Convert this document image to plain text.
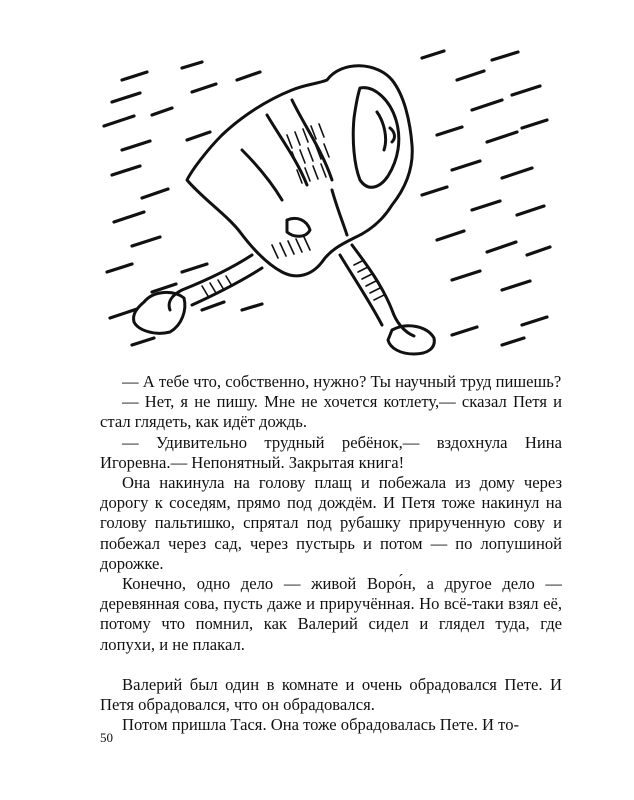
— А тебе что, собственно, нужно? Ты научный труд пишешь?

— Нет, я не пишу. Мне не хочется котлету,— сказал Петя и стал глядеть, как идёт дождь.

— Удивительно трудный ребёнок,— вздохнула Нина Игоревна.— Непонятный. Закрытая книга!

Она накинула на голову плащ и побежала из дому через дорогу к соседям, прямо под дождём. И Петя тоже накинул на голову пальтишко, спрятал под рубашку прирученную сову и побежал через сад, через пустырь и потом — по лопушиной дорожке.

Конечно, одно дело — живой Воро́н, а другое дело — деревянная сова, пусть даже и приручённая. Но всё-таки взял её, потому что помнил, как Валерий сидел и глядел туда, где лопухи, и не плакал.

Валерий был один в комнате и очень обрадовался Пете. И Петя обрадовался, что он обрадовался.

Потом пришла Тася. Она тоже обрадовалась Пете. И то-

50
